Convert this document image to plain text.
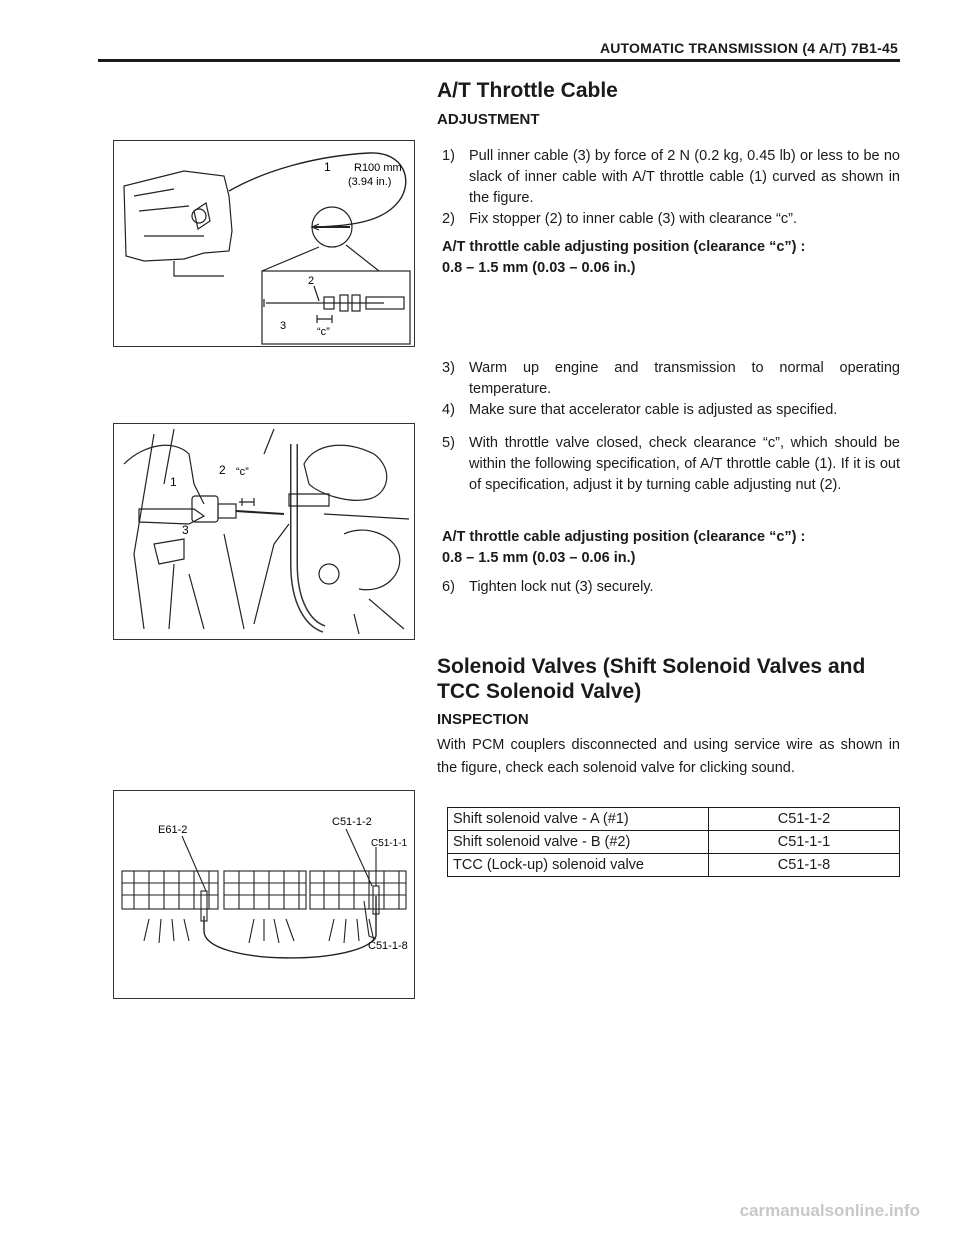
AUTOMATIC TRANSMISSION (4 A/T) 7B1-45
1 R100 mm
(3.94 in.)
2
3	“c”
A/T Throttle Cable
ADJUSTMENT
1) Pull inner cable (3) by force of 2 N (0.2 kg, 0.45 lb) or less to be no slack of inner cable with A/T throttle cable (1) curved as shown in the figure.
2) Fix stopper (2) to inner cable (3) with clearance “c”.
A/T throttle cable adjusting position (clearance “c”) :
0.8 – 1.5 mm (0.03 – 0.06 in.)
3) Warm up engine and transmission to normal operating temperature.
4) Make sure that accelerator cable is adjusted as specified.
5) With throttle valve closed, check clearance “c”, which should be within the following specification, of A/T throttle cable (1). If it is out of specification, adjust it by turning cable adjusting nut (2).
A/T throttle cable adjusting position (clearance “c”) :
0.8 – 1.5 mm (0.03 – 0.06 in.)
6) Tighten lock nut (3) securely.
1
2 “c”
3
Solenoid Valves (Shift Solenoid Valves and
TCC Solenoid Valve)
INSPECTION
With PCM couplers disconnected and using service wire as shown in the figure, check each solenoid valve for clicking sound.
E61-2
C51-1-2
C51-1-1
C51-1-8
Shift solenoid valve - A (#1)	C51-1-2
Shift solenoid valve - B (#2)	C51-1-1
TCC (Lock-up) solenoid valve	C51-1-8
carmanualsonline.info
